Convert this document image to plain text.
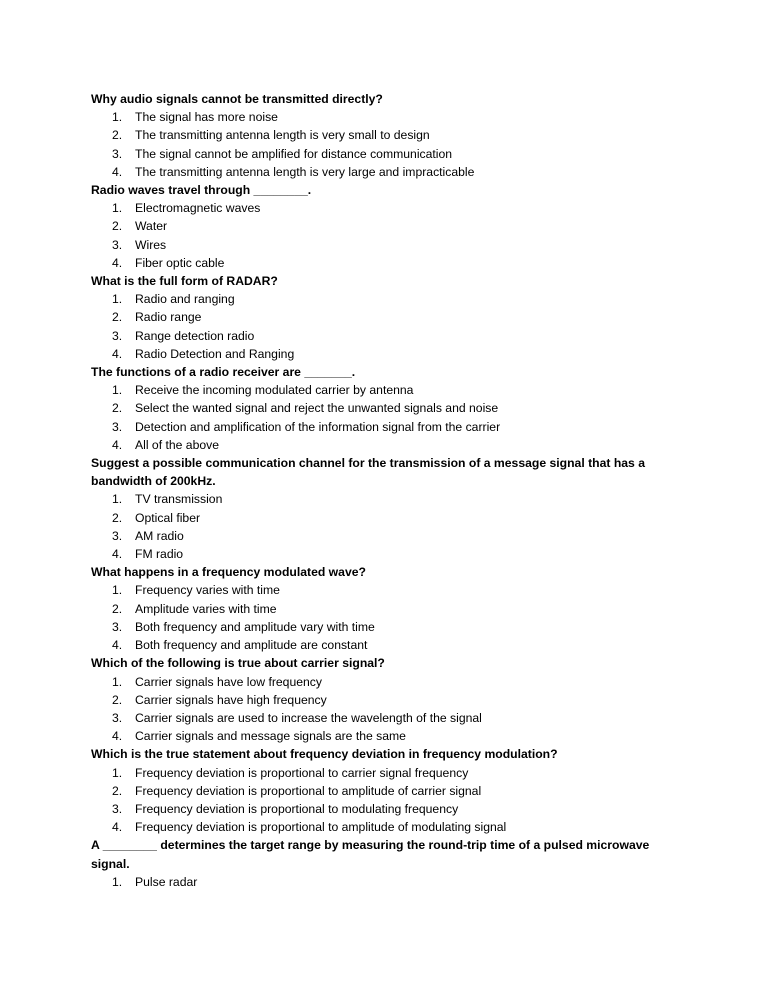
Why audio signals cannot be transmitted directly?

1.	The signal has more noise
2.	The transmitting antenna length is very small to design
3.	The signal cannot be amplified for distance communication
4.	The transmitting antenna length is very large and impracticable

Radio waves travel through ________.

1.	Electromagnetic waves
2.	Water
3.	Wires
4.	Fiber optic cable

What is the full form of RADAR?

1.	Radio and ranging
2.	Radio range
3.	Range detection radio
4.	Radio Detection and Ranging

The functions of a radio receiver are _______.

1.	Receive the incoming modulated carrier by antenna
2.	Select the wanted signal and reject the unwanted signals and noise
3.	Detection and amplification of the information signal from the carrier
4.	All of the above

Suggest a possible communication channel for the transmission of a message signal that has a bandwidth of 200kHz.

1.	TV transmission
2.	Optical fiber
3.	AM radio
4.	FM radio

What happens in a frequency modulated wave?

1.	Frequency varies with time
2.	Amplitude varies with time
3.	Both frequency and amplitude vary with time
4.	Both frequency and amplitude are constant

Which of the following is true about carrier signal?

1.	Carrier signals have low frequency
2.	Carrier signals have high frequency
3.	Carrier signals are used to increase the wavelength of the signal
4.	Carrier signals and message signals are the same

Which is the true statement about frequency deviation in frequency modulation?

1.	Frequency deviation is proportional to carrier signal frequency
2.	Frequency deviation is proportional to amplitude of carrier signal
3.	Frequency deviation is proportional to modulating frequency
4.	Frequency deviation is proportional to amplitude of modulating signal

A ________ determines the target range by measuring the round-trip time of a pulsed microwave signal.

1.	Pulse radar
